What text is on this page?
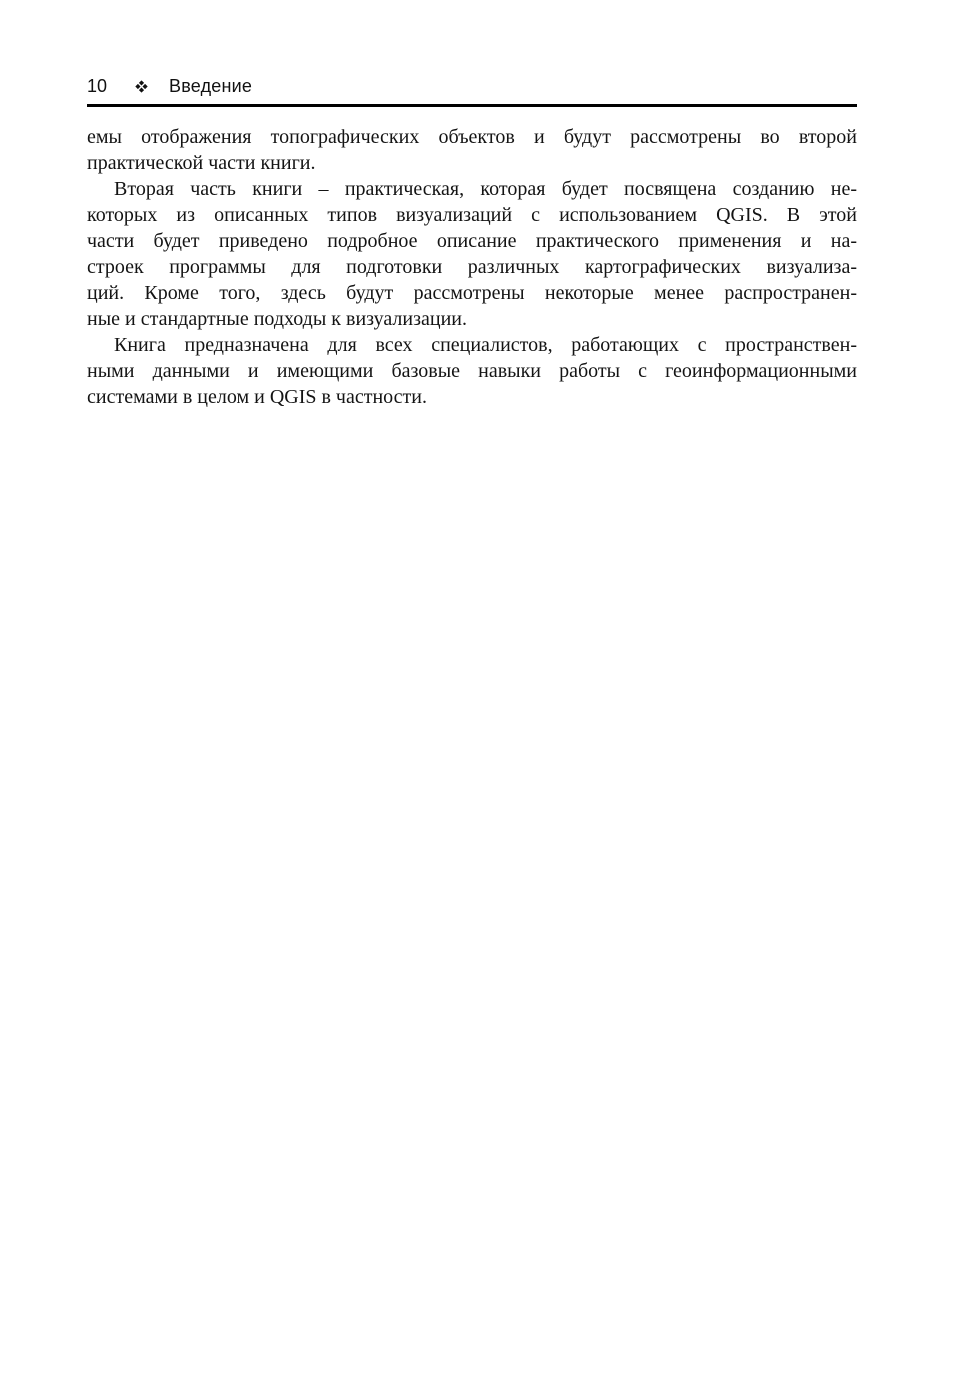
10	Введение
емы отображения топографических объектов и будут рассмотрены во второй
практической части книги.
Вторая часть книги – практическая, которая будет посвящена созданию не-
которых из описанных типов визуализаций с использованием QGIS. В этой
части будет приведено подробное описание практического применения и на-
строек программы для подготовки различных картографических визуализа-
ций. Кроме того, здесь будут рассмотрены некоторые менее распространен-
ные и стандартные подходы к визуализации.
Книга предназначена для всех специалистов, работающих с пространствен-
ными данными и имеющими базовые навыки работы с геоинформационными
системами в целом и QGIS в частности.
